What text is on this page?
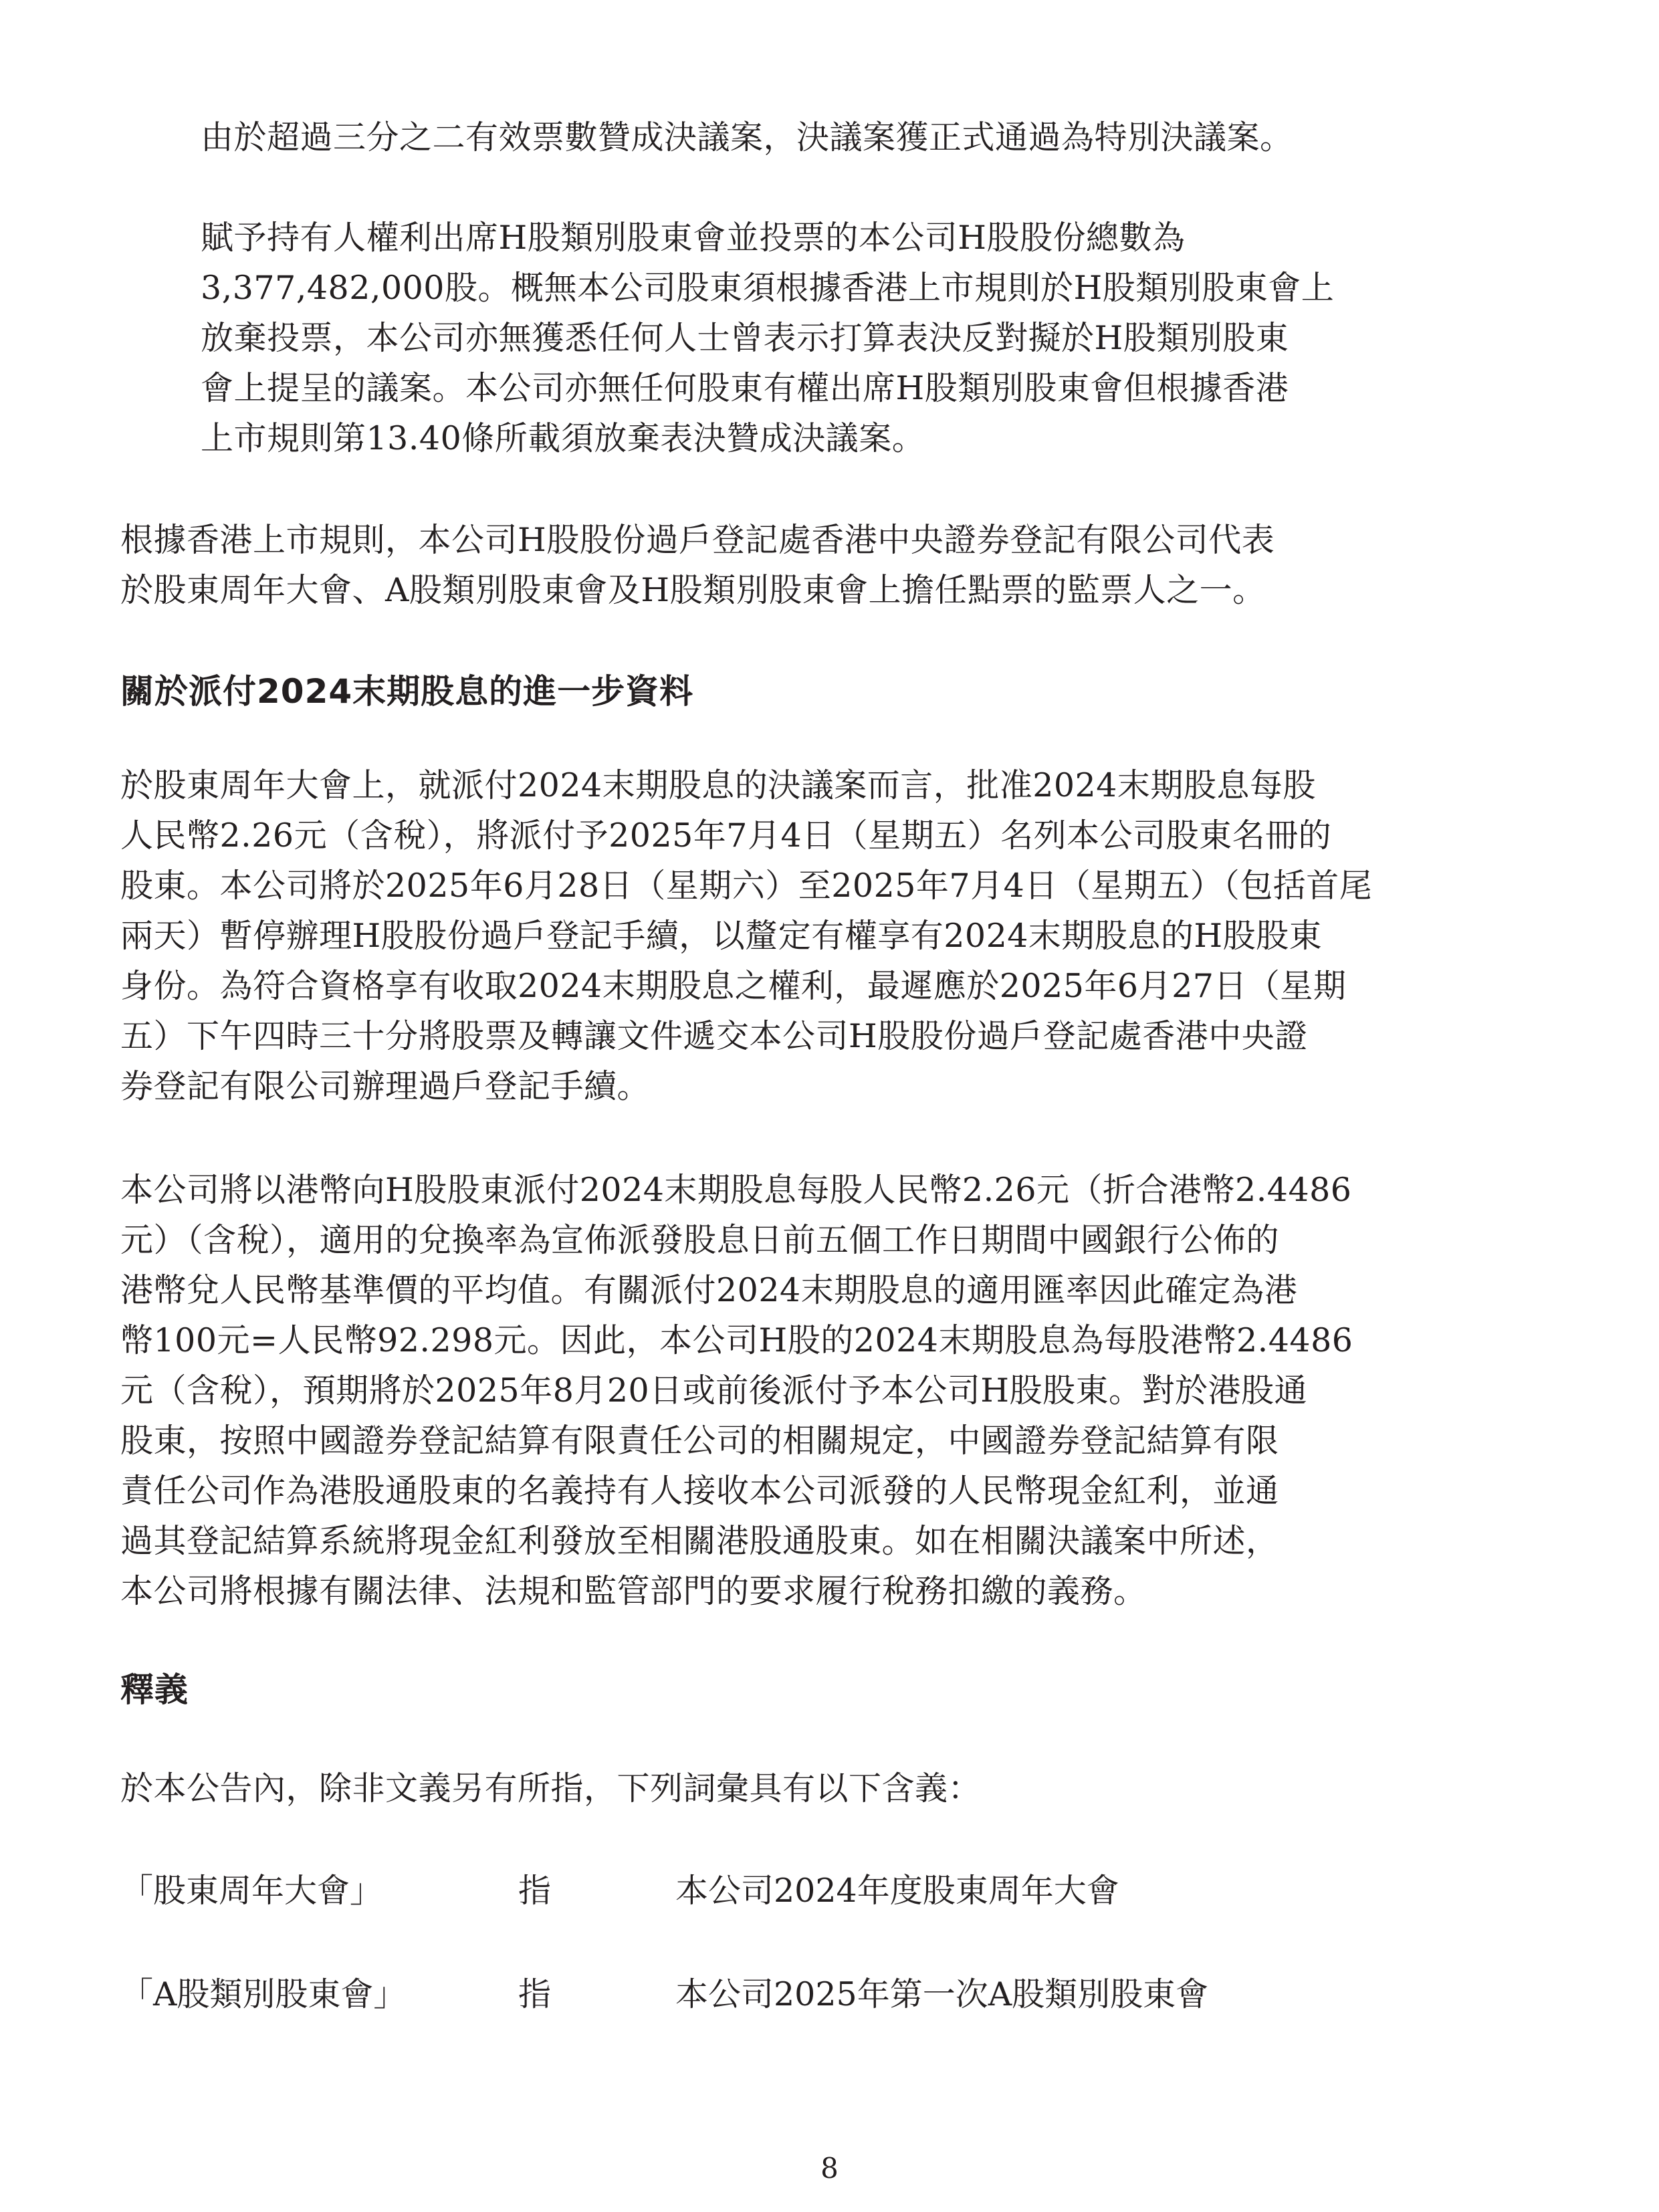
由於超過三分之二有效票數贊成決議案，決議案獲正式通過為特別決議案。
賦予持有人權利出席H股類別股東會並投票的本公司H股股份總數為
3,377,482,000股。概無本公司股東須根據香港上市規則於H股類別股東會上
放棄投票，本公司亦無獲悉任何人士曾表示打算表決反對擬於H股類別股東
會上提呈的議案。本公司亦無任何股東有權出席H股類別股東會但根據香港
上市規則第13.40條所載須放棄表決贊成決議案。
根據香港上市規則，本公司H股股份過戶登記處香港中央證券登記有限公司代表
於股東周年大會、A股類別股東會及H股類別股東會上擔任點票的監票人之一。
關於派付2024末期股息的進一步資料
於股東周年大會上，就派付2024末期股息的決議案而言，批准2024末期股息每股
人民幣2.26元（含稅），將派付予2025年7月4日（星期五）名列本公司股東名冊的
股東。本公司將於2025年6月28日（星期六）至2025年7月4日（星期五）（包括首尾
兩天）暫停辦理H股股份過戶登記手續，以釐定有權享有2024末期股息的H股股東
身份。為符合資格享有收取2024末期股息之權利，最遲應於2025年6月27日（星期
五）下午四時三十分將股票及轉讓文件遞交本公司H股股份過戶登記處香港中央證
券登記有限公司辦理過戶登記手續。
本公司將以港幣向H股股東派付2024末期股息每股人民幣2.26元（折合港幣2.4486
元）（含稅），適用的兌換率為宣佈派發股息日前五個工作日期間中國銀行公佈的
港幣兌人民幣基準價的平均值。有關派付2024末期股息的適用匯率因此確定為港
幣100元=人民幣92.298元。因此，本公司H股的2024末期股息為每股港幣2.4486
元（含稅），預期將於2025年8月20日或前後派付予本公司H股股東。對於港股通
股東，按照中國證券登記結算有限責任公司的相關規定，中國證券登記結算有限
責任公司作為港股通股東的名義持有人接收本公司派發的人民幣現金紅利，並通
過其登記結算系統將現金紅利發放至相關港股通股東。如在相關決議案中所述，
本公司將根據有關法律、法規和監管部門的要求履行稅務扣繳的義務。
釋義
於本公告內，除非文義另有所指，下列詞彙具有以下含義：
「股東周年大會」	指	本公司2024年度股東周年大會
「A股類別股東會」	指	本公司2025年第一次A股類別股東會
8
